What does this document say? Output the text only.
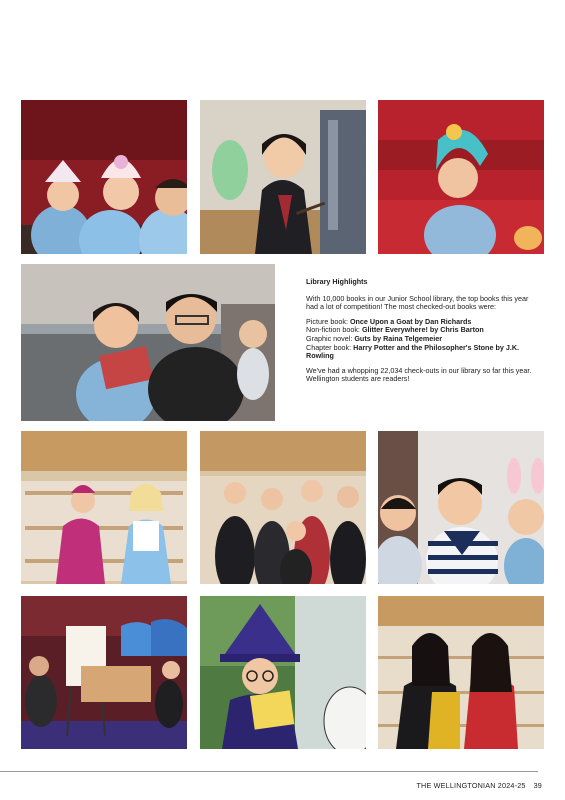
Library Highlights

With 10,000 books in our Junior School library, the top books this year had a lot of competition! The most checked-out books were:

Picture book: Once Upon a Goat by Dan Richards
Non-fiction book: Glitter Everywhere! by Chris Barton
Graphic novel: Guts by Raina Telgemeier
Chapter book: Harry Potter and the Philosopher's Stone by J.K. Rowling

We've had a whopping 22,034 check-outs in our library so far this year. Wellington students are readers!

THE WELLINGTONIAN 2024-25 39
